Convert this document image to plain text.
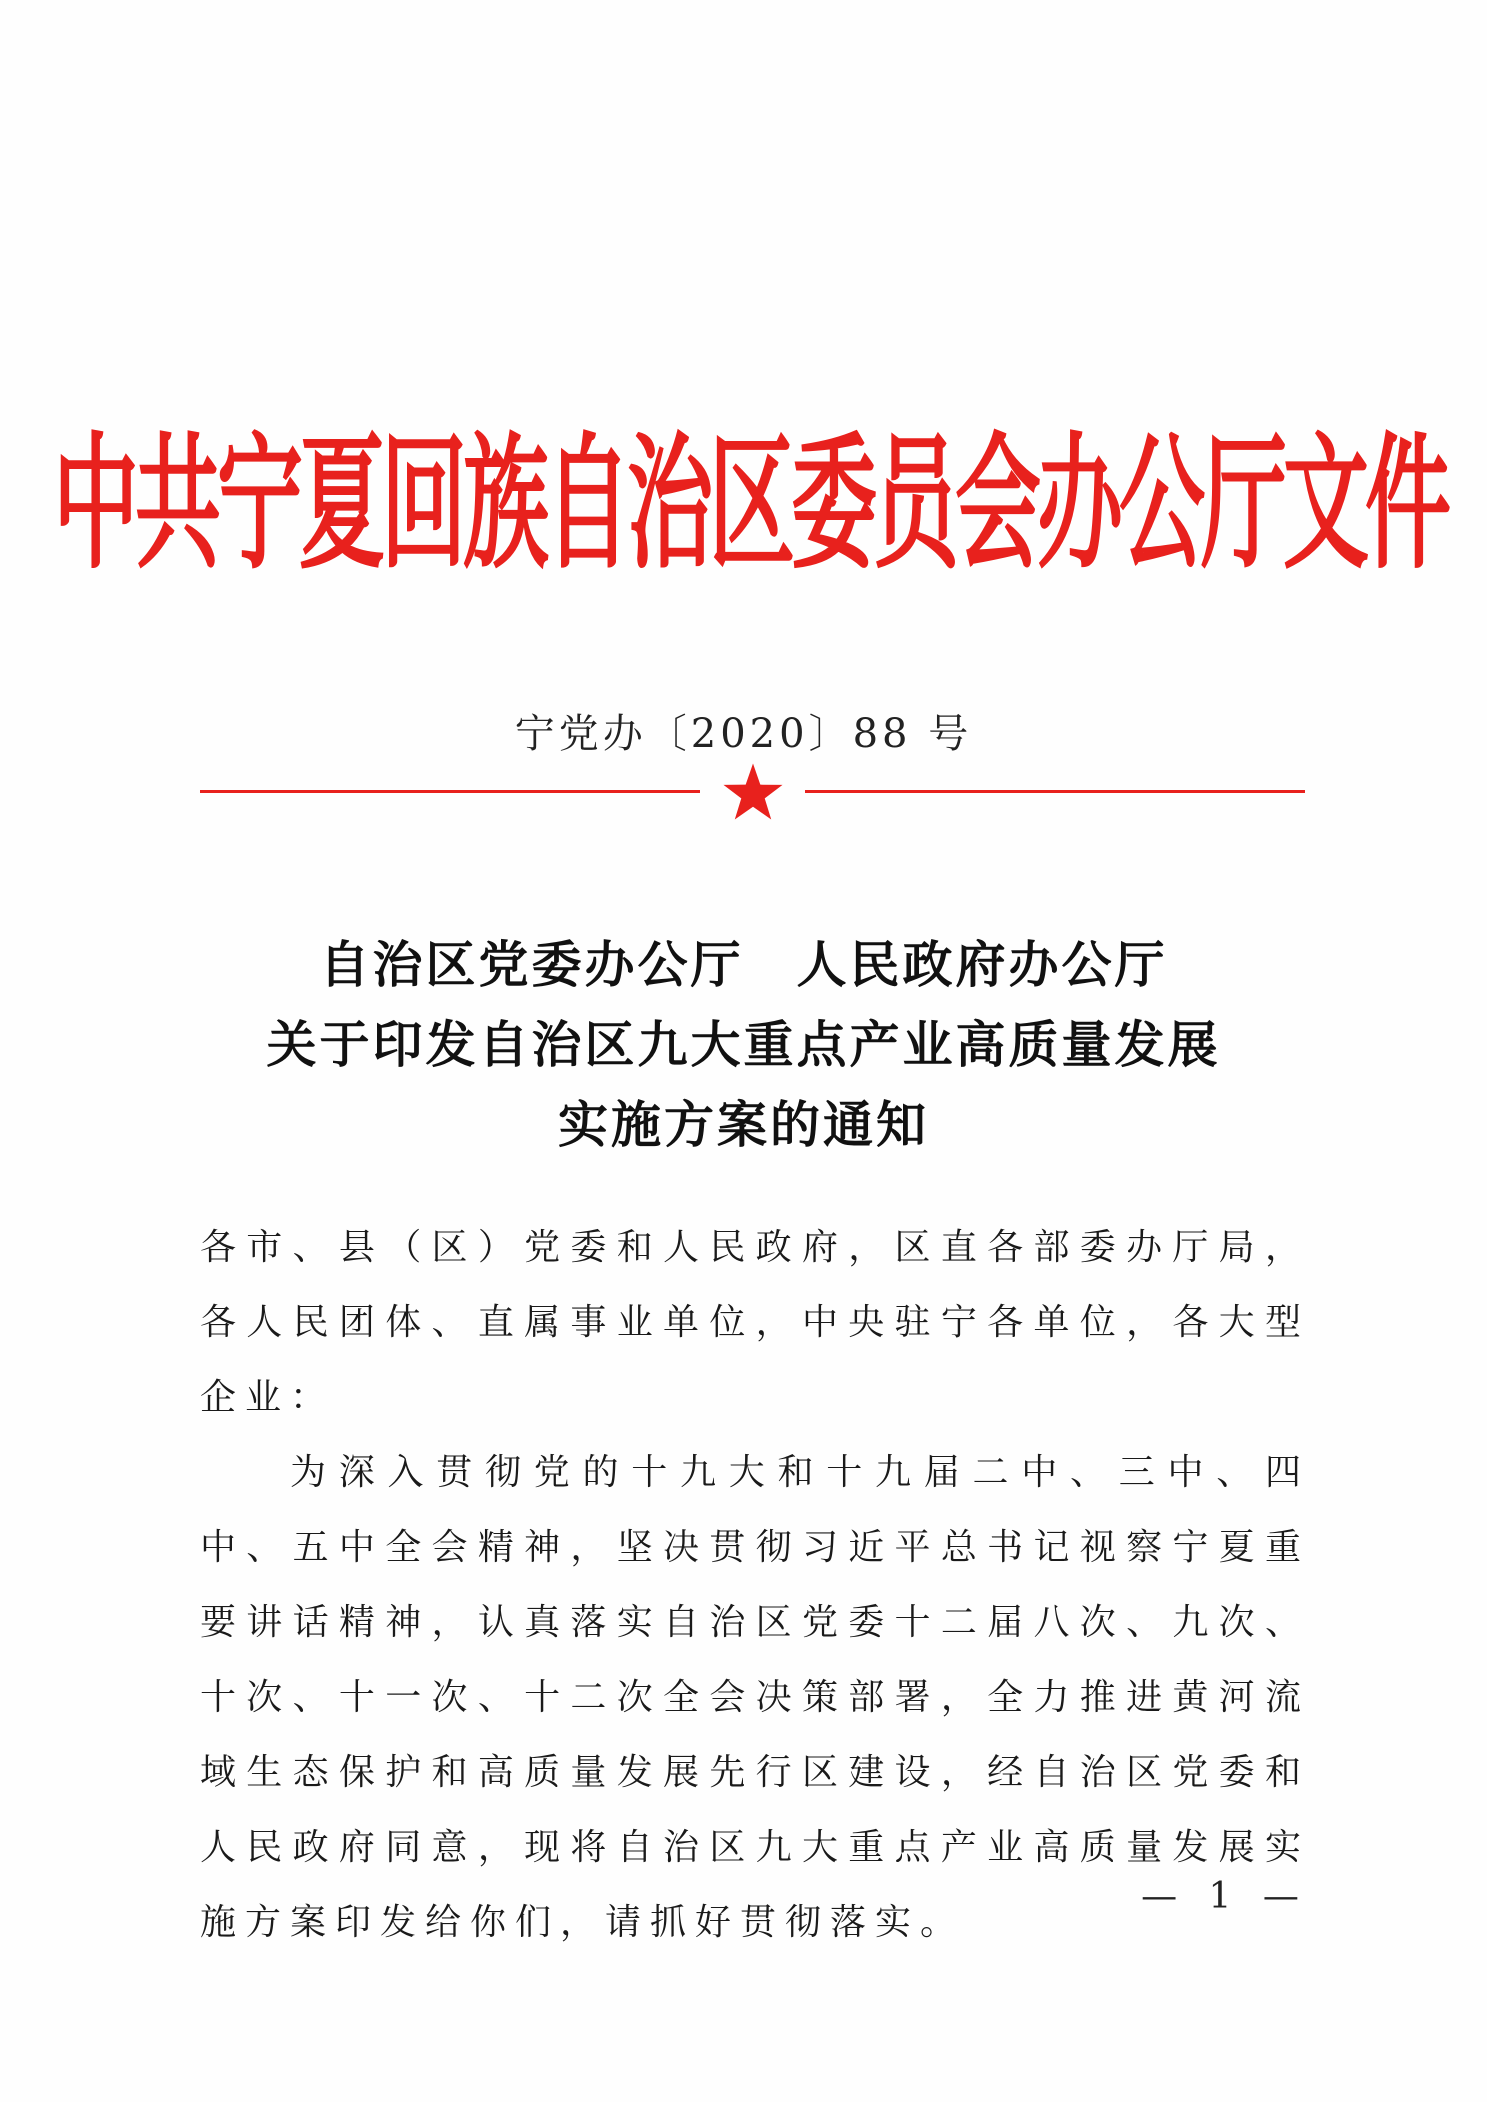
中共宁夏回族自治区委员会办公厅文件
宁党办〔2020〕88 号
自治区党委办公厅　人民政府办公厅
关于印发自治区九大重点产业高质量发展
实施方案的通知

各市、县（区）党委和人民政府，区直各部委办厅局，各人民团体、直属事业单位，中央驻宁各单位，各大型企业：

为深入贯彻党的十九大和十九届二中、三中、四中、五中全会精神，坚决贯彻习近平总书记视察宁夏重要讲话精神，认真落实自治区党委十二届八次、九次、十次、十一次、十二次全会决策部署，全力推进黄河流域生态保护和高质量发展先行区建设，经自治区党委和人民政府同意，现将自治区九大重点产业高质量发展实施方案印发给你们，请抓好贯彻落实。

— 1 —
